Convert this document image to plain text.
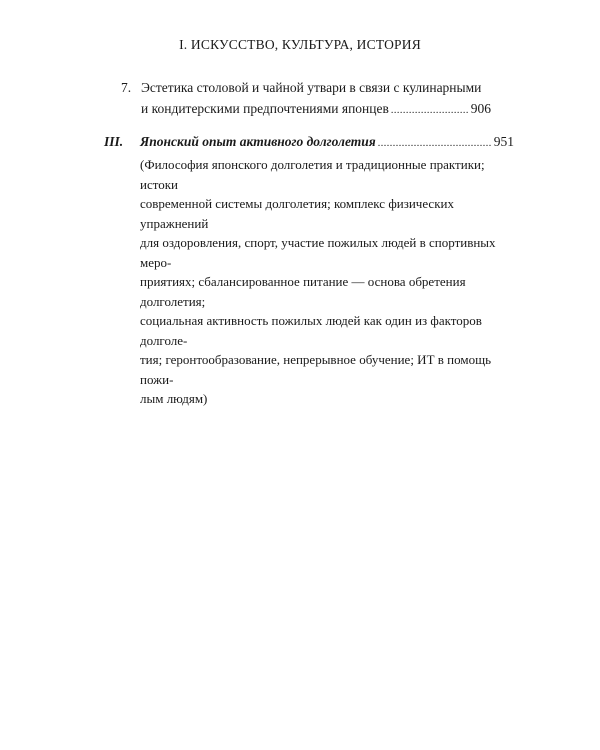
I. ИСКУССТВО, КУЛЬТУРА, ИСТОРИЯ
7. Эстетика столовой и чайной утвари в связи с кулинарными
и кондитерскими предпочтениями японцев .....	906
III.	Японский опыт активного долголетия .....	951
(Философия японского долголетия и традиционные практики; истоки
современной системы долголетия; комплекс физических упражнений
для оздоровления, спорт, участие пожилых людей в спортивных меро-
приятиях; сбалансированное питание — основа обретения долголетия;
социальная активность пожилых людей как один из факторов долголе-
тия; геронтообразование, непрерывное обучение; ИТ в помощь пожи-
лым людям)
